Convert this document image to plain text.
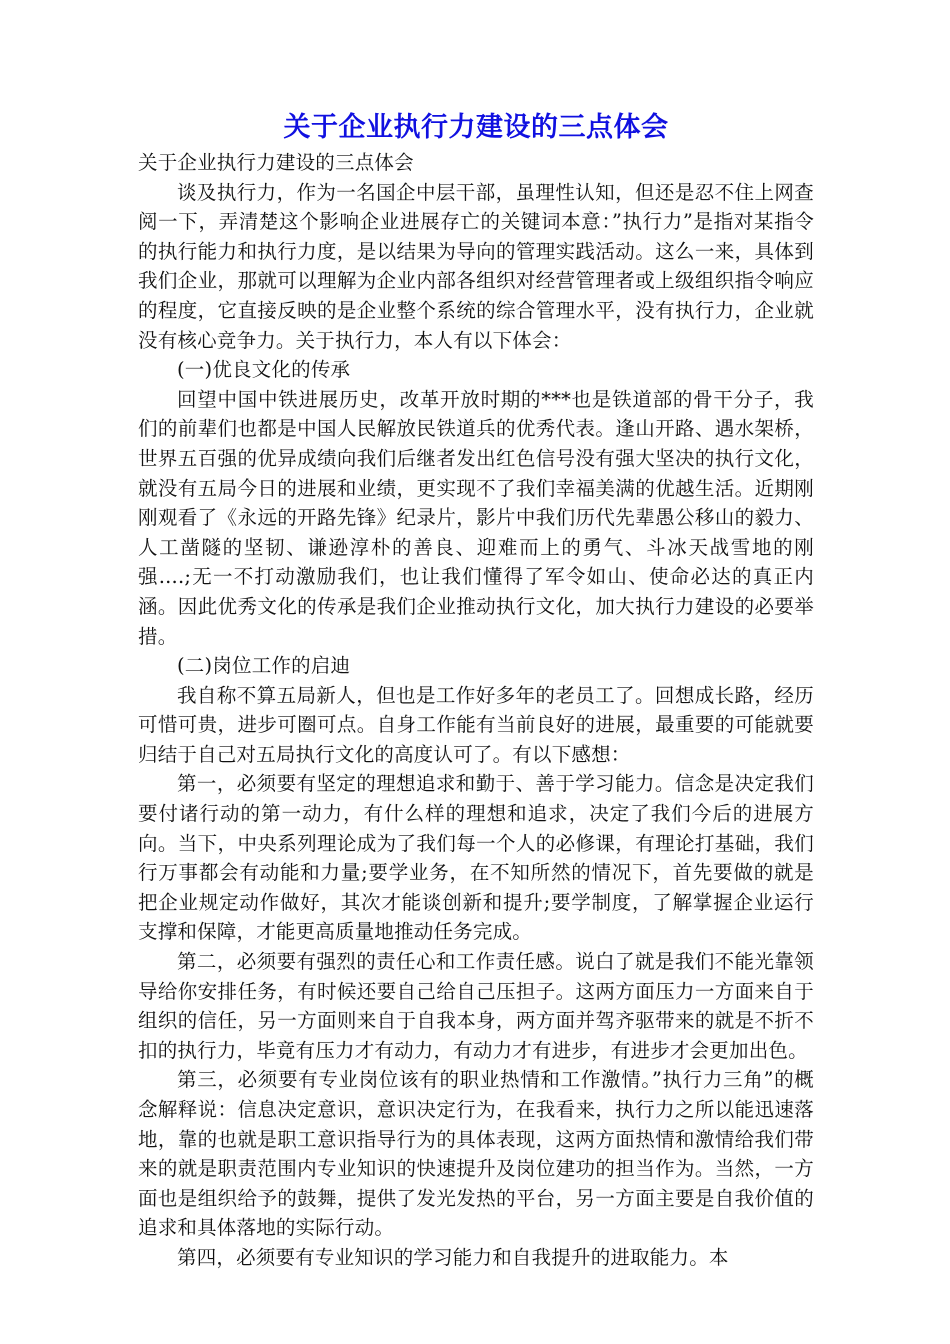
关于企业执行力建设的三点体会

关于企业执行力建设的三点体会

谈及执行力，作为一名国企中层干部，虽理性认知，但还是忍不住上网查阅一下，弄清楚这个影响企业进展存亡的关键词本意：”执行力”是指对某指令的执行能力和执行力度，是以结果为导向的管理实践活动。这么一来，具体到我们企业，那就可以理解为企业内部各组织对经营管理者或上级组织指令响应的程度，它直接反映的是企业整个系统的综合管理水平，没有执行力，企业就没有核心竞争力。关于执行力，本人有以下体会：

(一)优良文化的传承

回望中国中铁进展历史，改革开放时期的***也是铁道部的骨干分子，我们的前辈们也都是中国人民解放民铁道兵的优秀代表。逢山开路、遇水架桥，世界五百强的优异成绩向我们后继者发出红色信号没有强大坚决的执行文化，就没有五局今日的进展和业绩，更实现不了我们幸福美满的优越生活。近期刚刚观看了《永远的开路先锋》纪录片，影片中我们历代先辈愚公移山的毅力、人工凿隧的坚韧、谦逊淳朴的善良、迎难而上的勇气、斗冰天战雪地的刚强....;无一不打动激励我们，也让我们懂得了军令如山、使命必达的真正内涵。因此优秀文化的传承是我们企业推动执行文化，加大执行力建设的必要举措。

(二)岗位工作的启迪

我自称不算五局新人，但也是工作好多年的老员工了。回想成长路，经历可惜可贵，进步可圈可点。自身工作能有当前良好的进展，最重要的可能就要归结于自己对五局执行文化的高度认可了。有以下感想：

第一，必须要有坚定的理想追求和勤于、善于学习能力。信念是决定我们要付诸行动的第一动力，有什么样的理想和追求，决定了我们今后的进展方向。当下，中央系列理论成为了我们每一个人的必修课，有理论打基础，我们行万事都会有动能和力量;要学业务，在不知所然的情况下，首先要做的就是把企业规定动作做好，其次才能谈创新和提升;要学制度，了解掌握企业运行支撑和保障，才能更高质量地推动任务完成。

第二，必须要有强烈的责任心和工作责任感。说白了就是我们不能光靠领导给你安排任务，有时候还要自己给自己压担子。这两方面压力一方面来自于组织的信任，另一方面则来自于自我本身，两方面并驾齐驱带来的就是不折不扣的执行力，毕竟有压力才有动力，有动力才有进步，有进步才会更加出色。

第三，必须要有专业岗位该有的职业热情和工作激情。”执行力三角”的概念解释说：信息决定意识，意识决定行为，在我看来，执行力之所以能迅速落地，靠的也就是职工意识指导行为的具体表现，这两方面热情和激情给我们带来的就是职责范围内专业知识的快速提升及岗位建功的担当作为。当然，一方面也是组织给予的鼓舞，提供了发光发热的平台，另一方面主要是自我价值的追求和具体落地的实际行动。

第四，必须要有专业知识的学习能力和自我提升的进取能力。本
